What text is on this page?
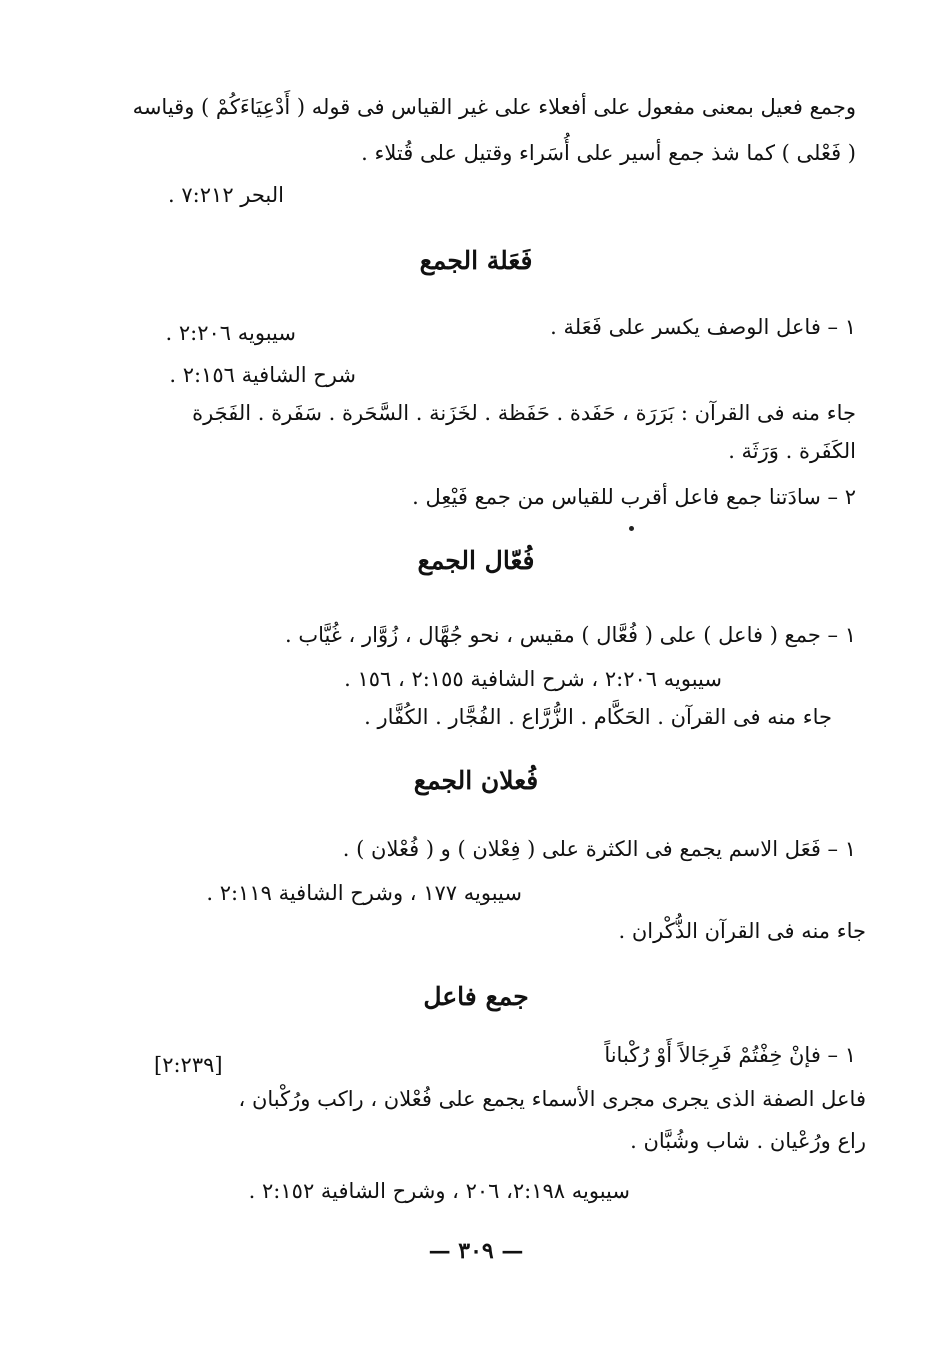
وجمع فعيل بمعنى مفعول على أفعلاء على غير القياس فى قوله ( أَدْعِيَاءَكُمْ ) وقياسه
( فَعْلى ) كما شذ جمع أسير على أُسَراء وقتيل على قُتلاء .
البحر ٧:٢١٢ .
فَعَلة الجمع
١ – فاعل الوصف يكسر على فَعَلة .
سيبويه ٢:٢٠٦ .
شرح الشافية ٢:١٥٦ .
جاء منه فى القرآن : بَرَرَة ، حَفَدة . حَفَظة . لخَزَنة . السَّحَرة . سَفَرة . الفَجَرة
الكَفَرة . وَرَثَة .
٢ – سادَتنا جمع فاعل أقرب للقياس من جمع فَيْعِل .
فُعّال الجمع
١ – جمع ( فاعل ) على ( فُعَّال ) مقيس ، نحو جُهَّال ، زُوَّار ، غُيَّاب .
سيبويه ٢:٢٠٦ ، شرح الشافية ٢:١٥٥ ، ١٥٦ .
جاء منه فى القرآن . الحَكَّام . الزُّرَّاع . الفُجَّار . الكُفَّار .
فُعلان الجمع
١ – فَعَل الاسم يجمع فى الكثرة على ( فِعْلان ) و ( فُعْلان ) .
سيبويه ١٧٧ ، وشرح الشافية ٢:١١٩ .
جاء منه فى القرآن الذُّكْران .
جمع فاعل
١ – فإنْ خِفْتُمْ فَرِجَالاً أَوْ رُكْباناً
[٢:٢٣٩]
فاعل الصفة الذى يجرى مجرى الأسماء يجمع على فُعْلان ، راكب ورُكْبان ،
راع ورُعْيان . شاب وشُبَّان .
سيبويه ٢:١٩٨، ٢٠٦ ، وشرح الشافية ٢:١٥٢ .
— ٣٠٩ —
